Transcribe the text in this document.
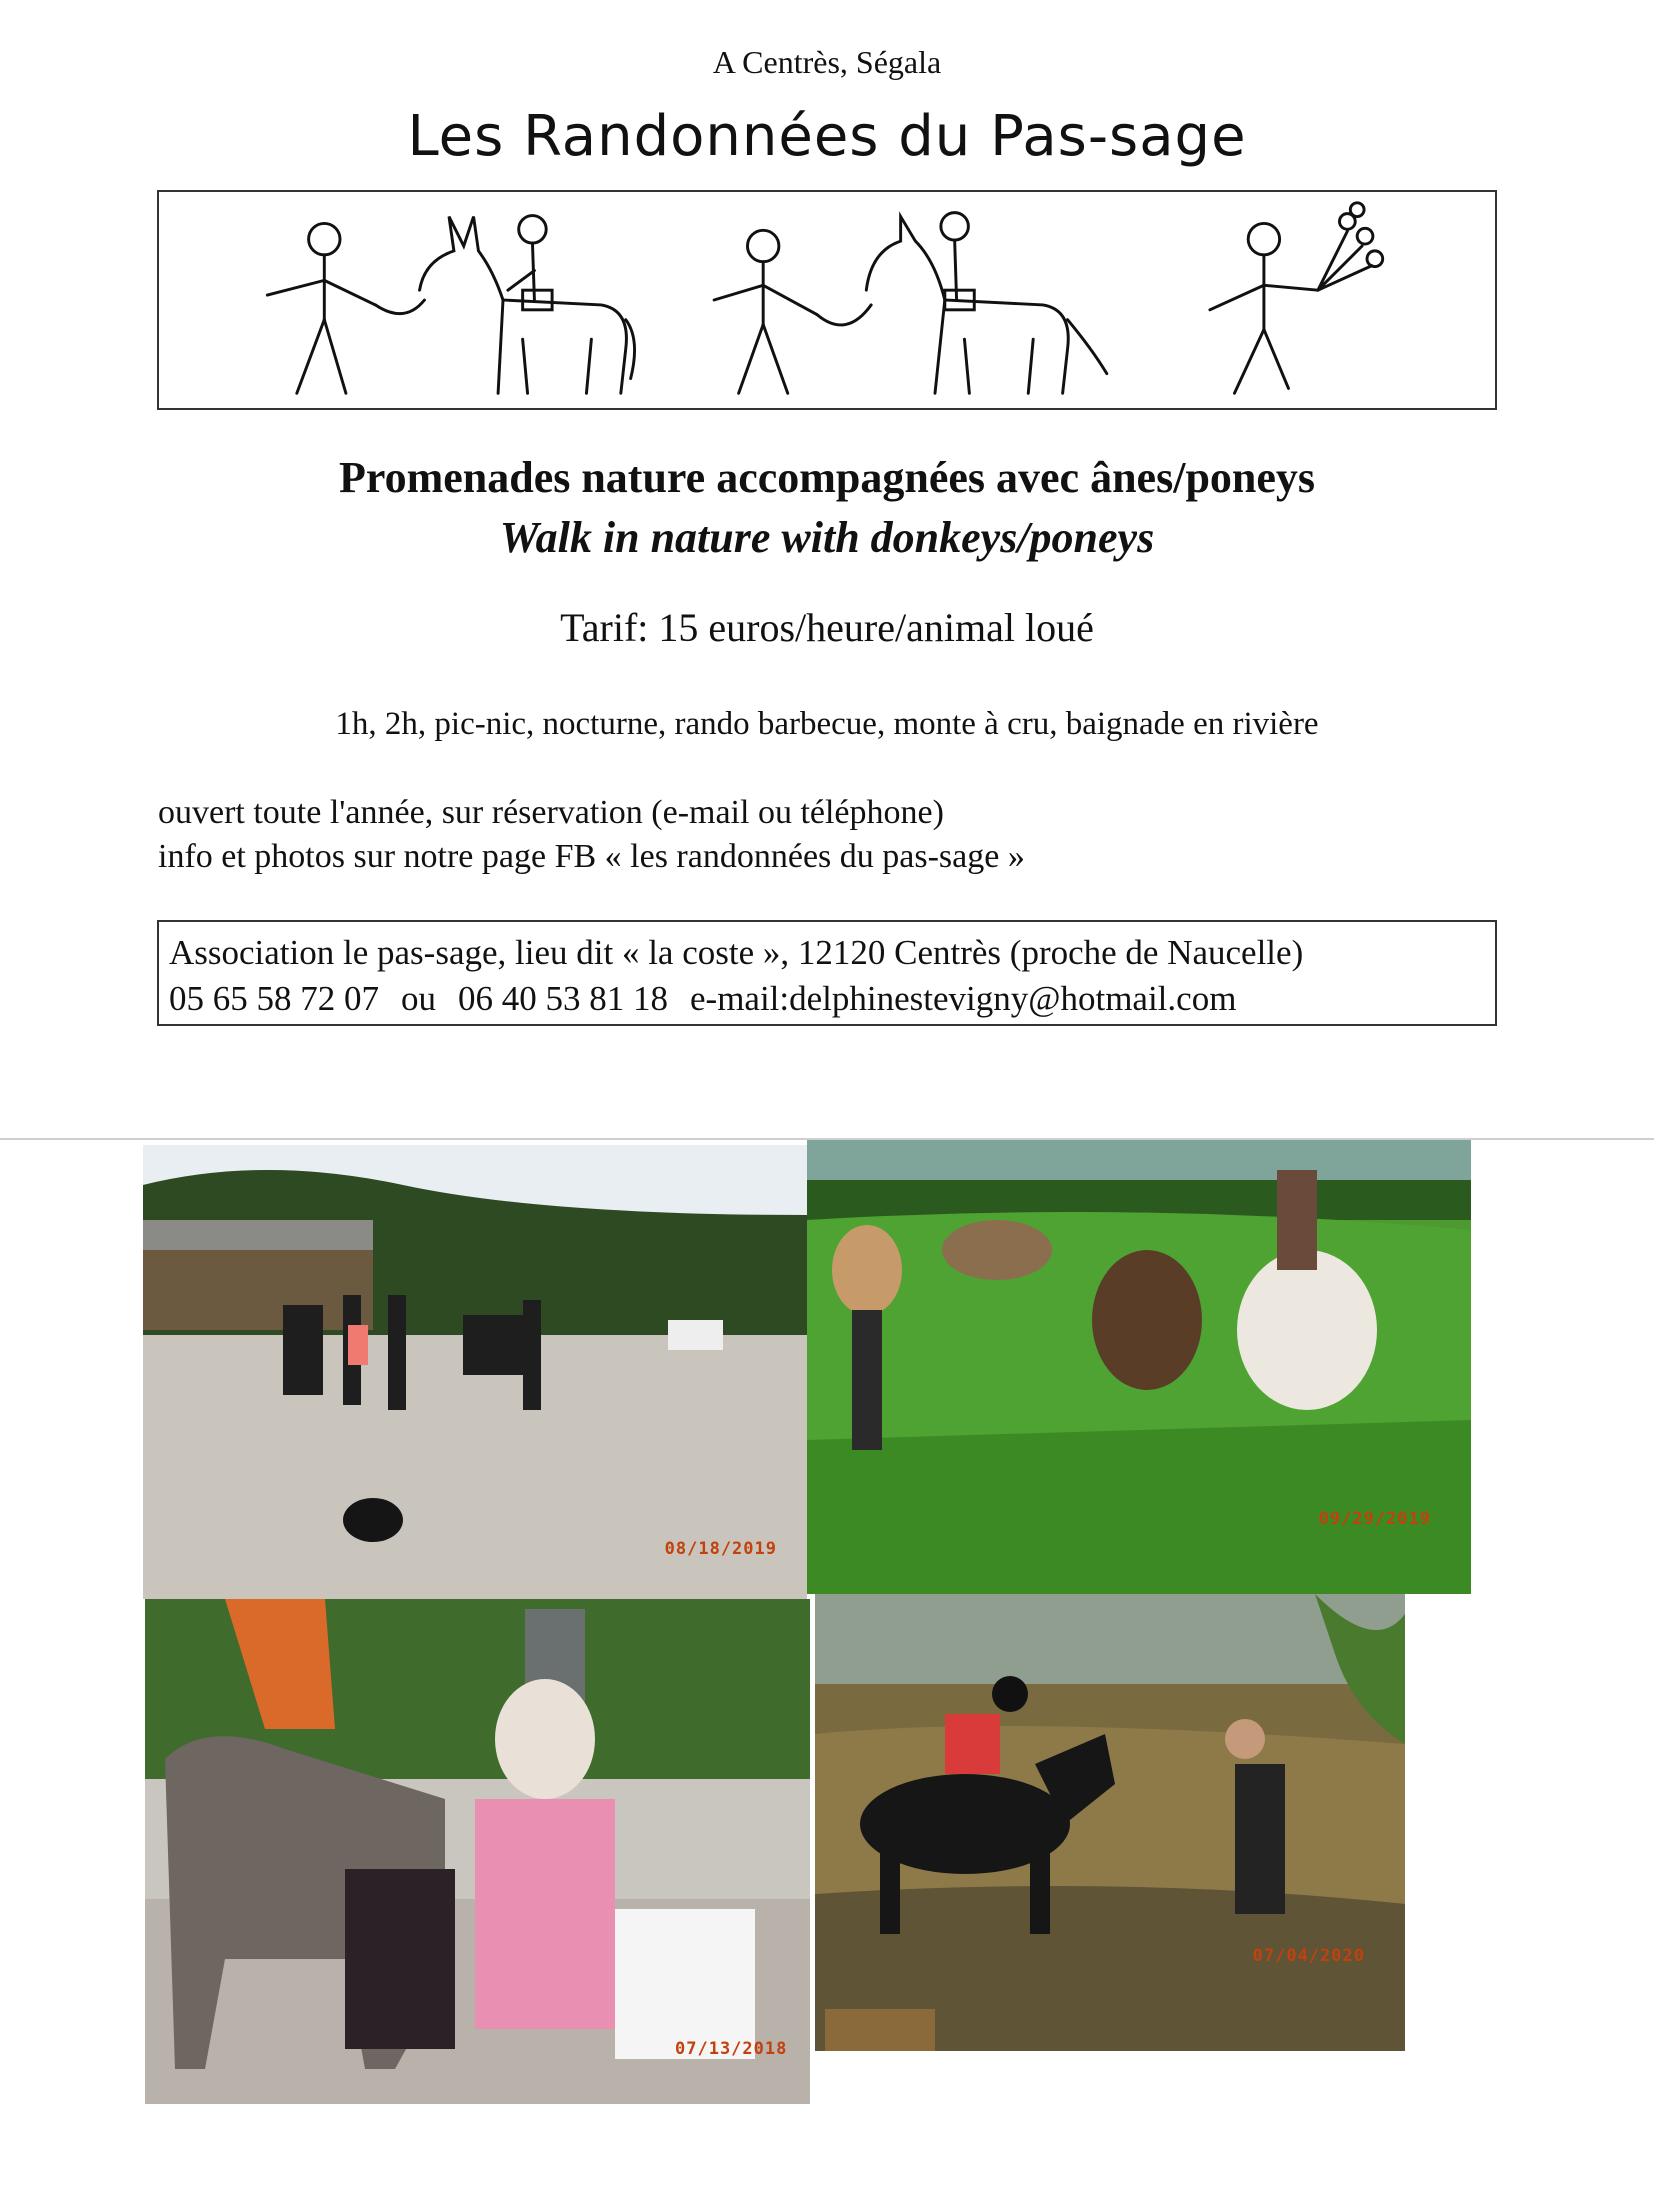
A Centrès, Ségala
Les Randonnées du Pas-sage
Promenades nature accompagnées avec ânes/poneys
Walk in nature with donkeys/poneys
Tarif: 15 euros/heure/animal loué
1h, 2h, pic-nic, nocturne, rando barbecue, monte à cru, baignade en rivière
ouvert toute l'année, sur réservation (e-mail ou téléphone)
info et photos sur notre page FB « les randonnées du pas-sage »
Association le pas-sage, lieu dit « la coste », 12120 Centrès (proche de Naucelle)
05 65 58 72 07 ou 06 40 53 81 18 e-mail:delphinestevigny@hotmail.com
08/18/2019
09/29/2019
07/13/2018
07/04/2020
